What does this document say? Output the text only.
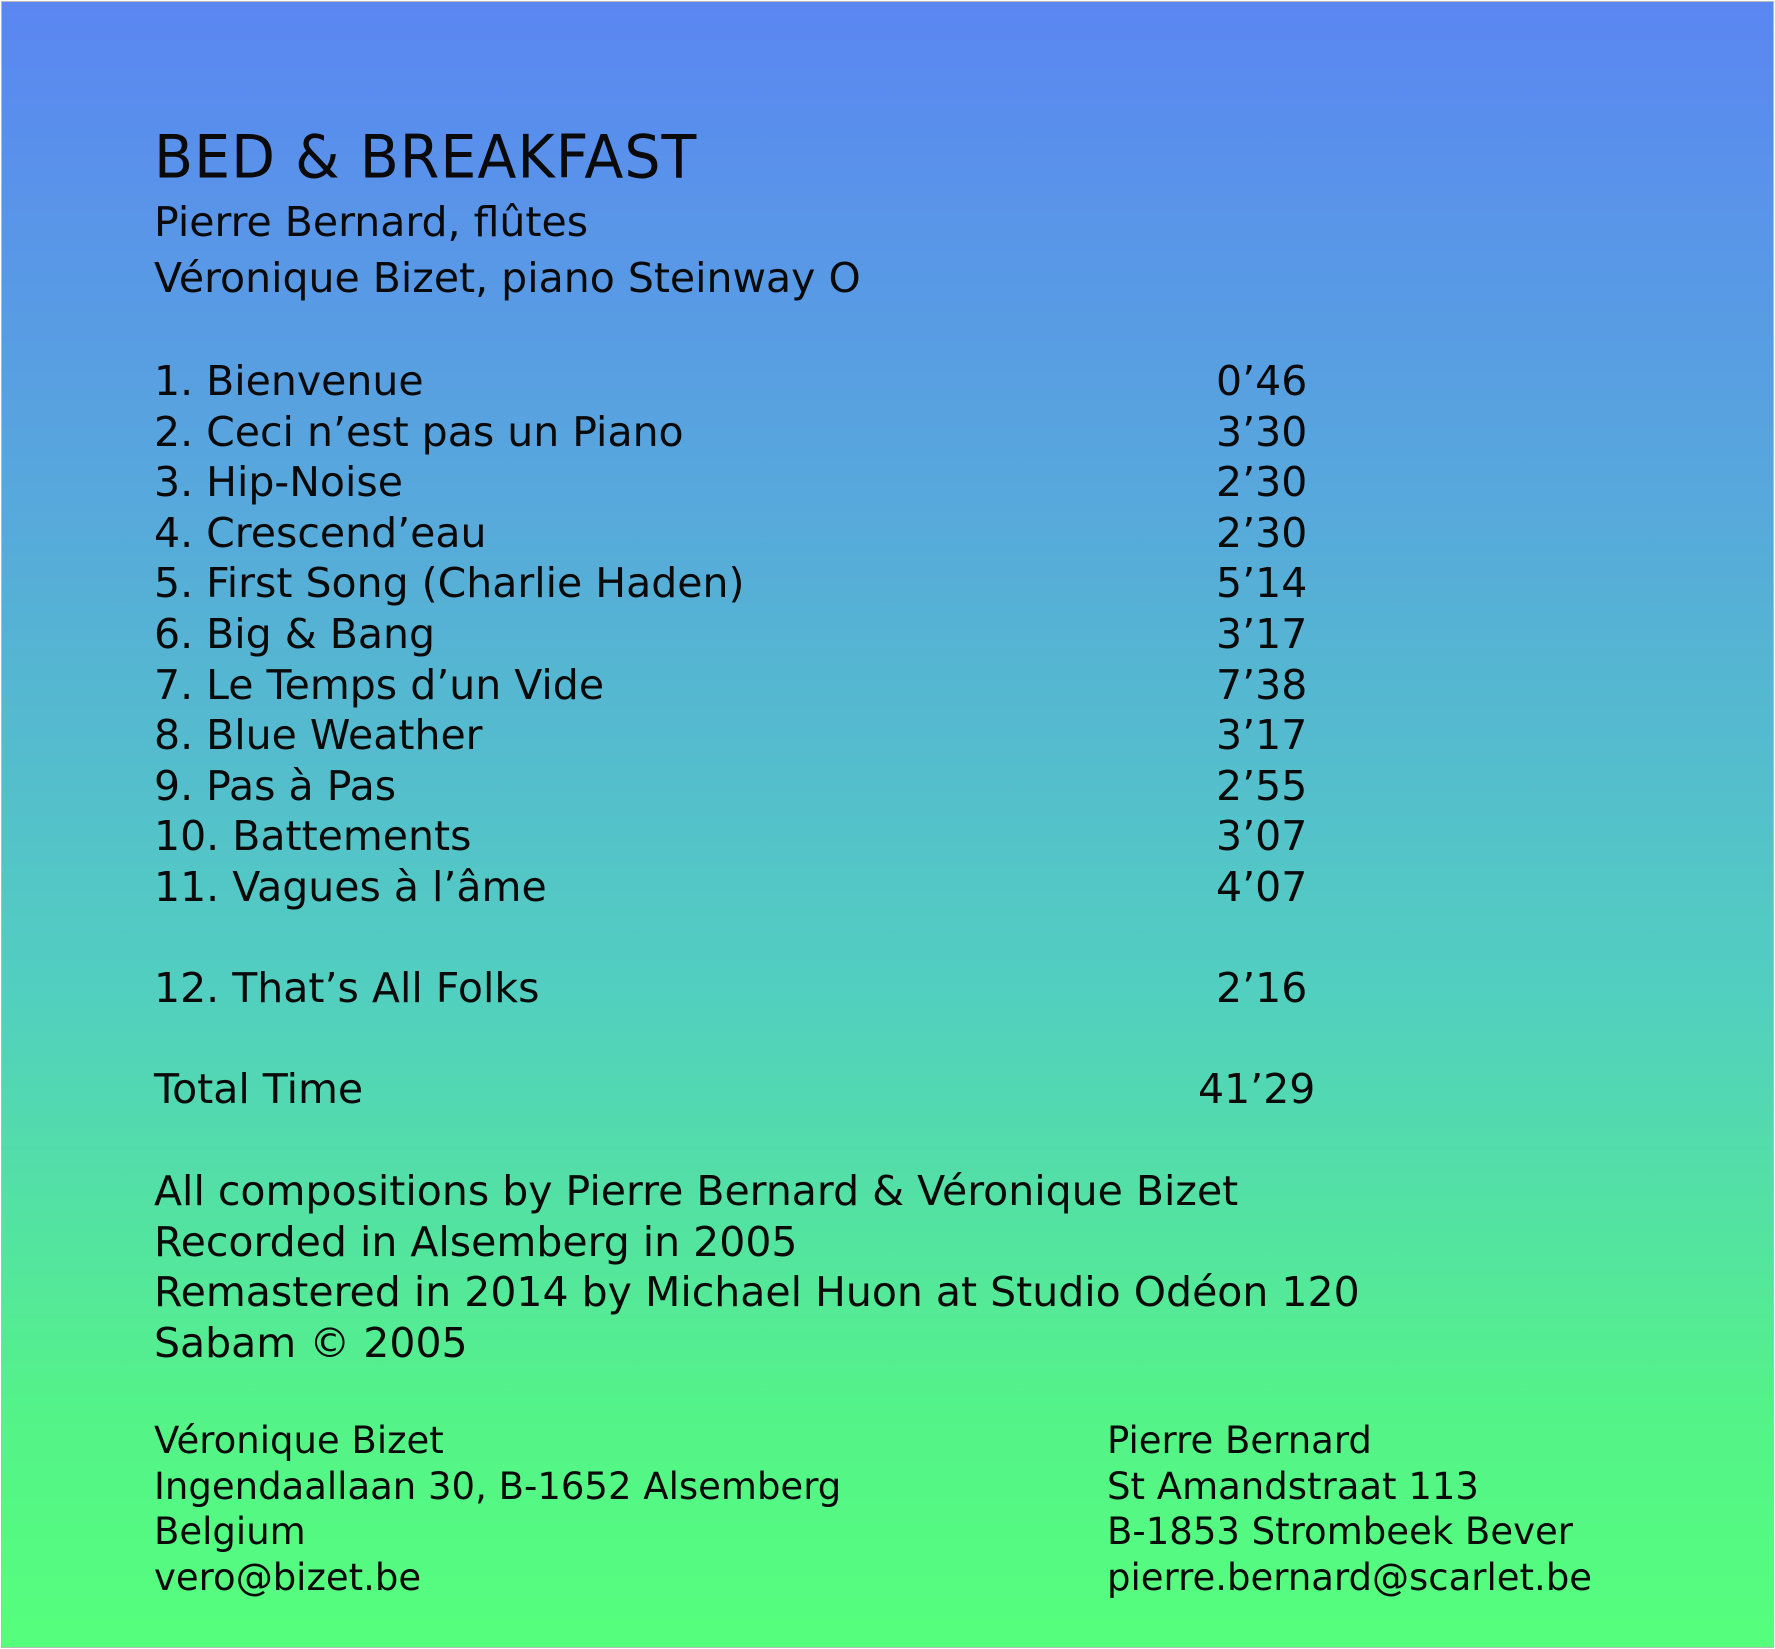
BED & BREAKFAST
Pierre Bernard, flûtes
Véronique Bizet, piano Steinway O
1. Bienvenue	0’46
2. Ceci n’est pas un Piano	3’30
3. Hip-Noise	2’30
4. Crescend’eau	2’30
5. First Song (Charlie Haden)	5’14
6. Big & Bang	3’17
7. Le Temps d’un Vide	7’38
8. Blue Weather	3’17
9. Pas à Pas	2’55
10. Battements	3’07
11. Vagues à l’âme	4’07
12. That’s All Folks	2’16
Total Time	41’29
All compositions by Pierre Bernard & Véronique Bizet
Recorded in Alsemberg in 2005
Remastered in 2014 by Michael Huon at Studio Odéon 120
Sabam © 2005
Véronique Bizet
Ingendaallaan 30, B-1652 Alsemberg
Belgium
vero@bizet.be
Pierre Bernard
St Amandstraat 113
B-1853 Strombeek Bever
pierre.bernard@scarlet.be
